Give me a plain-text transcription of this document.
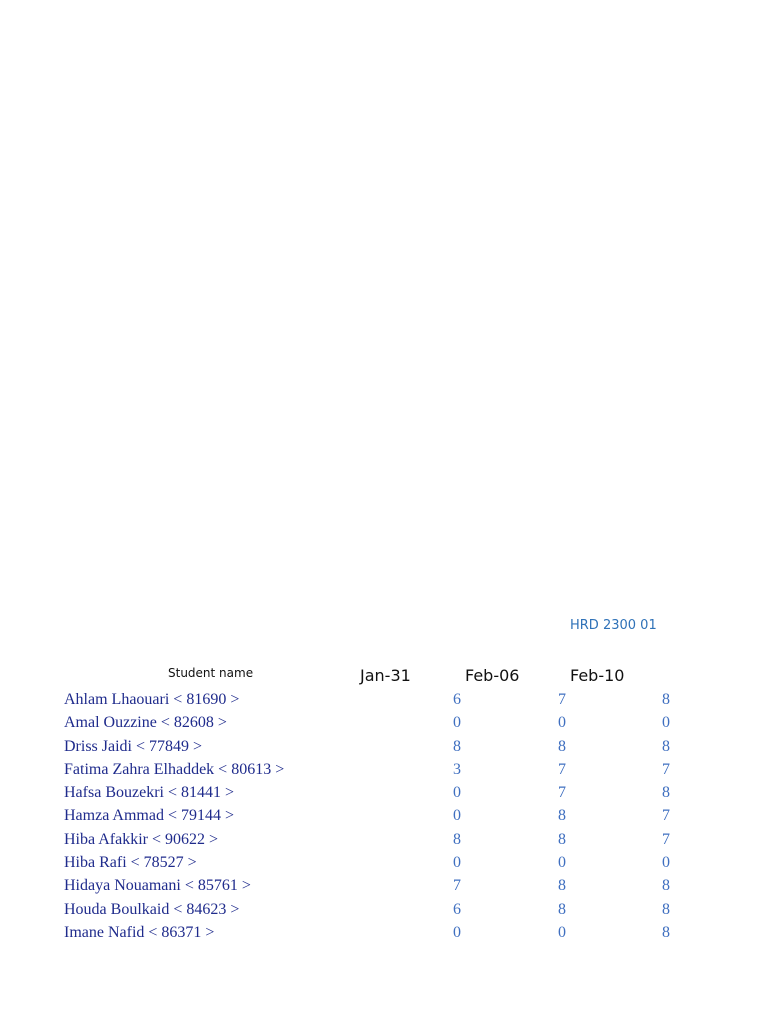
HRD 2300 01
Student name	Jan-31	Feb-06	Feb-10
Ahlam Lhaouari < 81690 >	6	7	8
Amal Ouzzine < 82608 >	0	0	0
Driss Jaidi < 77849 >	8	8	8
Fatima Zahra Elhaddek < 80613 >	3	7	7
Hafsa Bouzekri < 81441 >	0	7	8
Hamza Ammad < 79144 >	0	8	7
Hiba Afakkir < 90622 >	8	8	7
Hiba Rafi < 78527 >	0	0	0
Hidaya Nouamani < 85761 >	7	8	8
Houda Boulkaid < 84623 >	6	8	8
Imane Nafid < 86371 >	0	0	8
